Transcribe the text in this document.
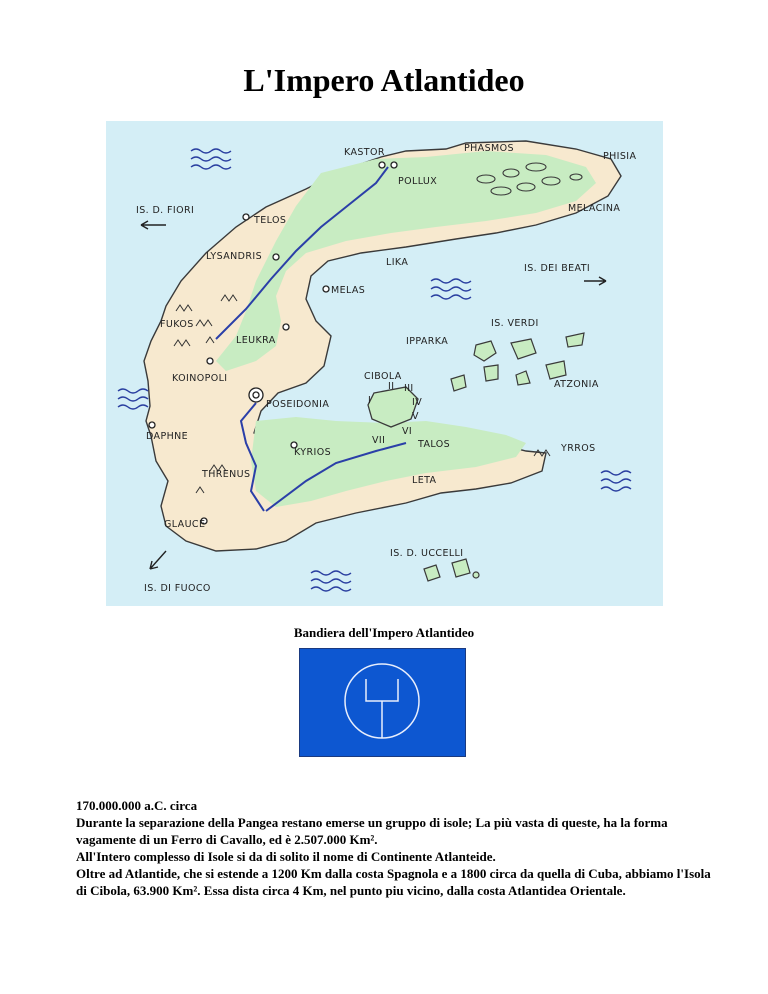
L'Impero Atlantideo
KASTOR
POLLUX
PHASMOS
PHISIA
MELACINA
IS. D. FIORI
TELOS
LYSANDRIS
LIKA
IS. DEI BEATI
MELAS
FUKOS
LEUKRA
IS. VERDI
IPPARKA
KOINOPOLI	CIBOLA
ATZONIA
POSEIDONIA
DAPHNE
KYRIOS
TALOS	YRROS
THRENUS
LETA
GLAUCE
IS. D. UCCELLI
IS. DI FUOCO
I
II III
IV
V
VI
VII
Bandiera dell'Impero Atlantideo

170.000.000 a.C. circa

Durante la separazione della Pangea restano emerse un gruppo di isole; La più vasta di queste, ha la forma vagamente di un Ferro di Cavallo, ed è 2.507.000 Km².

All'Intero complesso di Isole si da di solito il nome di Continente Atlanteide.

Oltre ad Atlantide, che si estende a 1200 Km dalla costa Spagnola e a 1800 circa da quella di Cuba, abbiamo l'Isola di Cibola, 63.900 Km². Essa dista circa 4 Km, nel punto piu vicino, dalla costa Atlantidea Orientale.
